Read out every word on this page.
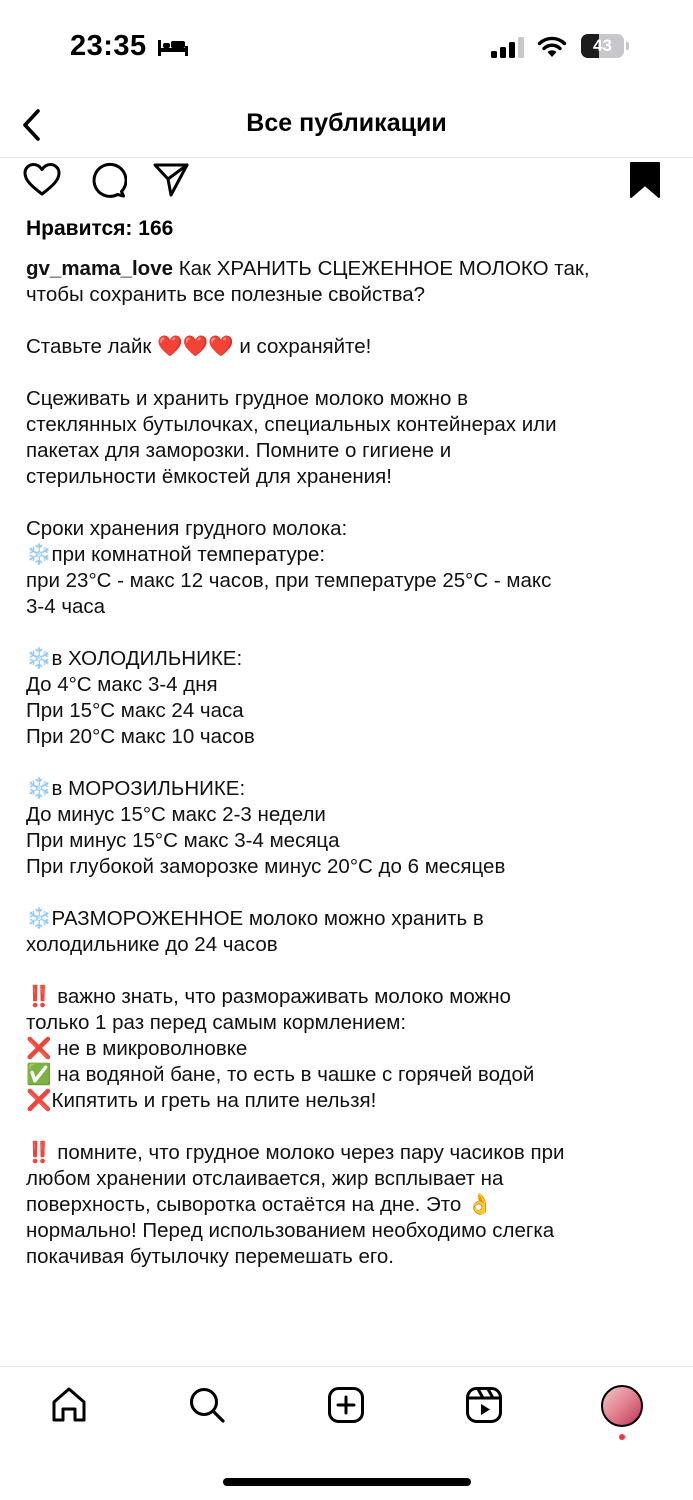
23:35	43
Все публикации
Нравится: 166
gv_mama_love Как ХРАНИТЬ СЦЕЖЕННОЕ МОЛОКО так,
чтобы сохранить все полезные свойства?

Ставьте лайк ❤️❤️❤️ и сохраняйте!

Сцеживать и хранить грудное молоко можно в
стеклянных бутылочках, специальных контейнерах или
пакетах для заморозки. Помните о гигиене и
стерильности ёмкостей для хранения!

Сроки хранения грудного молока:
❄️при комнатной температуре:
при 23°C - макс 12 часов, при температуре 25°C - макс
3-4 часа

❄️в ХОЛОДИЛЬНИКЕ:
До 4°С макс 3-4 дня
При 15°С макс 24 часа
При 20°С макс 10 часов

❄️в МОРОЗИЛЬНИКЕ:
До минус 15°С макс 2-3 недели
При минус 15°С макс 3-4 месяца
При глубокой заморозке минус 20°С до 6 месяцев

❄️РАЗМОРОЖЕННОЕ молоко можно хранить в
холодильнике до 24 часов

‼️ важно знать, что размораживать молоко можно
только 1 раз перед самым кормлением:
❌ не в микроволновке
✅ на водяной бане, то есть в чашке с горячей водой
❌Кипятить и греть на плите нельзя!

‼️ помните, что грудное молоко через пару часиков при
любом хранении отслаивается, жир всплывает на
поверхность, сыворотка остаётся на дне. Это 👌
нормально! Перед использованием необходимо слегка
покачивая бутылочку перемешать его.
